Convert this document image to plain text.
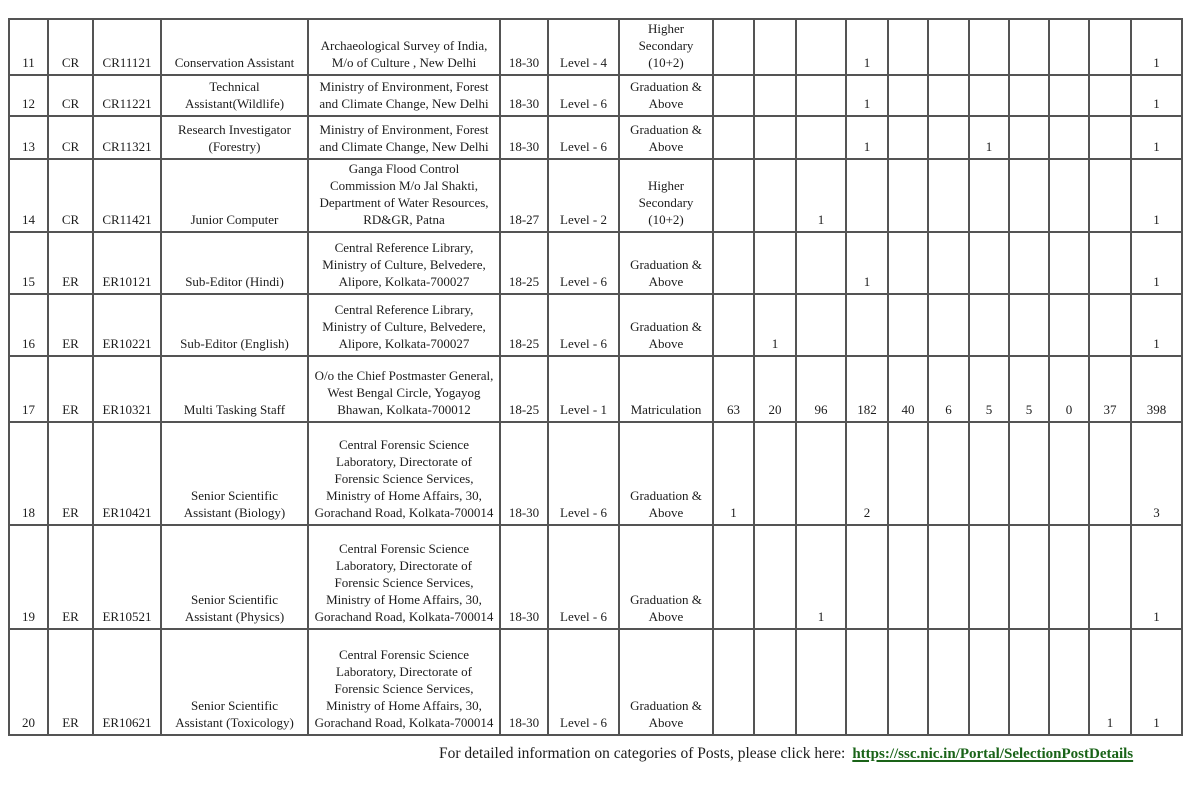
11	CR	CR11121	Conservation Assistant	Archaeological Survey of India,
M/o of Culture , New Delhi	18-30	Level - 4	Higher
Secondary
(10+2)				1							1
12	CR	CR11221	Technical
Assistant(Wildlife)	Ministry of Environment, Forest
and Climate Change, New Delhi	18-30	Level - 6	Graduation &
Above				1							1
13	CR	CR11321	Research Investigator
(Forestry)	Ministry of Environment, Forest
and Climate Change, New Delhi	18-30	Level - 6	Graduation &
Above				1			1				1
14	CR	CR11421	Junior Computer	Ganga Flood Control
Commission M/o Jal Shakti,
Department of Water Resources,
RD&GR, Patna	18-27	Level - 2	Higher
Secondary
(10+2)			1								1
15	ER	ER10121	Sub-Editor (Hindi)	Central Reference Library,
Ministry of Culture, Belvedere,
Alipore, Kolkata-700027	18-25	Level - 6	Graduation &
Above				1							1
16	ER	ER10221	Sub-Editor (English)	Central Reference Library,
Ministry of Culture, Belvedere,
Alipore, Kolkata-700027	18-25	Level - 6	Graduation &
Above		1									1
17	ER	ER10321	Multi Tasking Staff	O/o the Chief Postmaster General,
West Bengal Circle, Yogayog
Bhawan, Kolkata-700012	18-25	Level - 1	Matriculation	63	20	96	182	40	6	5	5	0	37	398
18	ER	ER10421	Senior Scientific
Assistant (Biology)	Central Forensic Science
Laboratory, Directorate of
Forensic Science Services,
Ministry of Home Affairs, 30,
Gorachand Road, Kolkata-700014	18-30	Level - 6	Graduation &
Above	1			2							3
19	ER	ER10521	Senior Scientific
Assistant (Physics)	Central Forensic Science
Laboratory, Directorate of
Forensic Science Services,
Ministry of Home Affairs, 30,
Gorachand Road, Kolkata-700014	18-30	Level - 6	Graduation &
Above			1								1
20	ER	ER10621	Senior Scientific
Assistant (Toxicology)	Central Forensic Science
Laboratory, Directorate of
Forensic Science Services,
Ministry of Home Affairs, 30,
Gorachand Road, Kolkata-700014	18-30	Level - 6	Graduation &
Above										1	1
For detailed information on categories of Posts, please click here: https://ssc.nic.in/Portal/SelectionPostDetails
